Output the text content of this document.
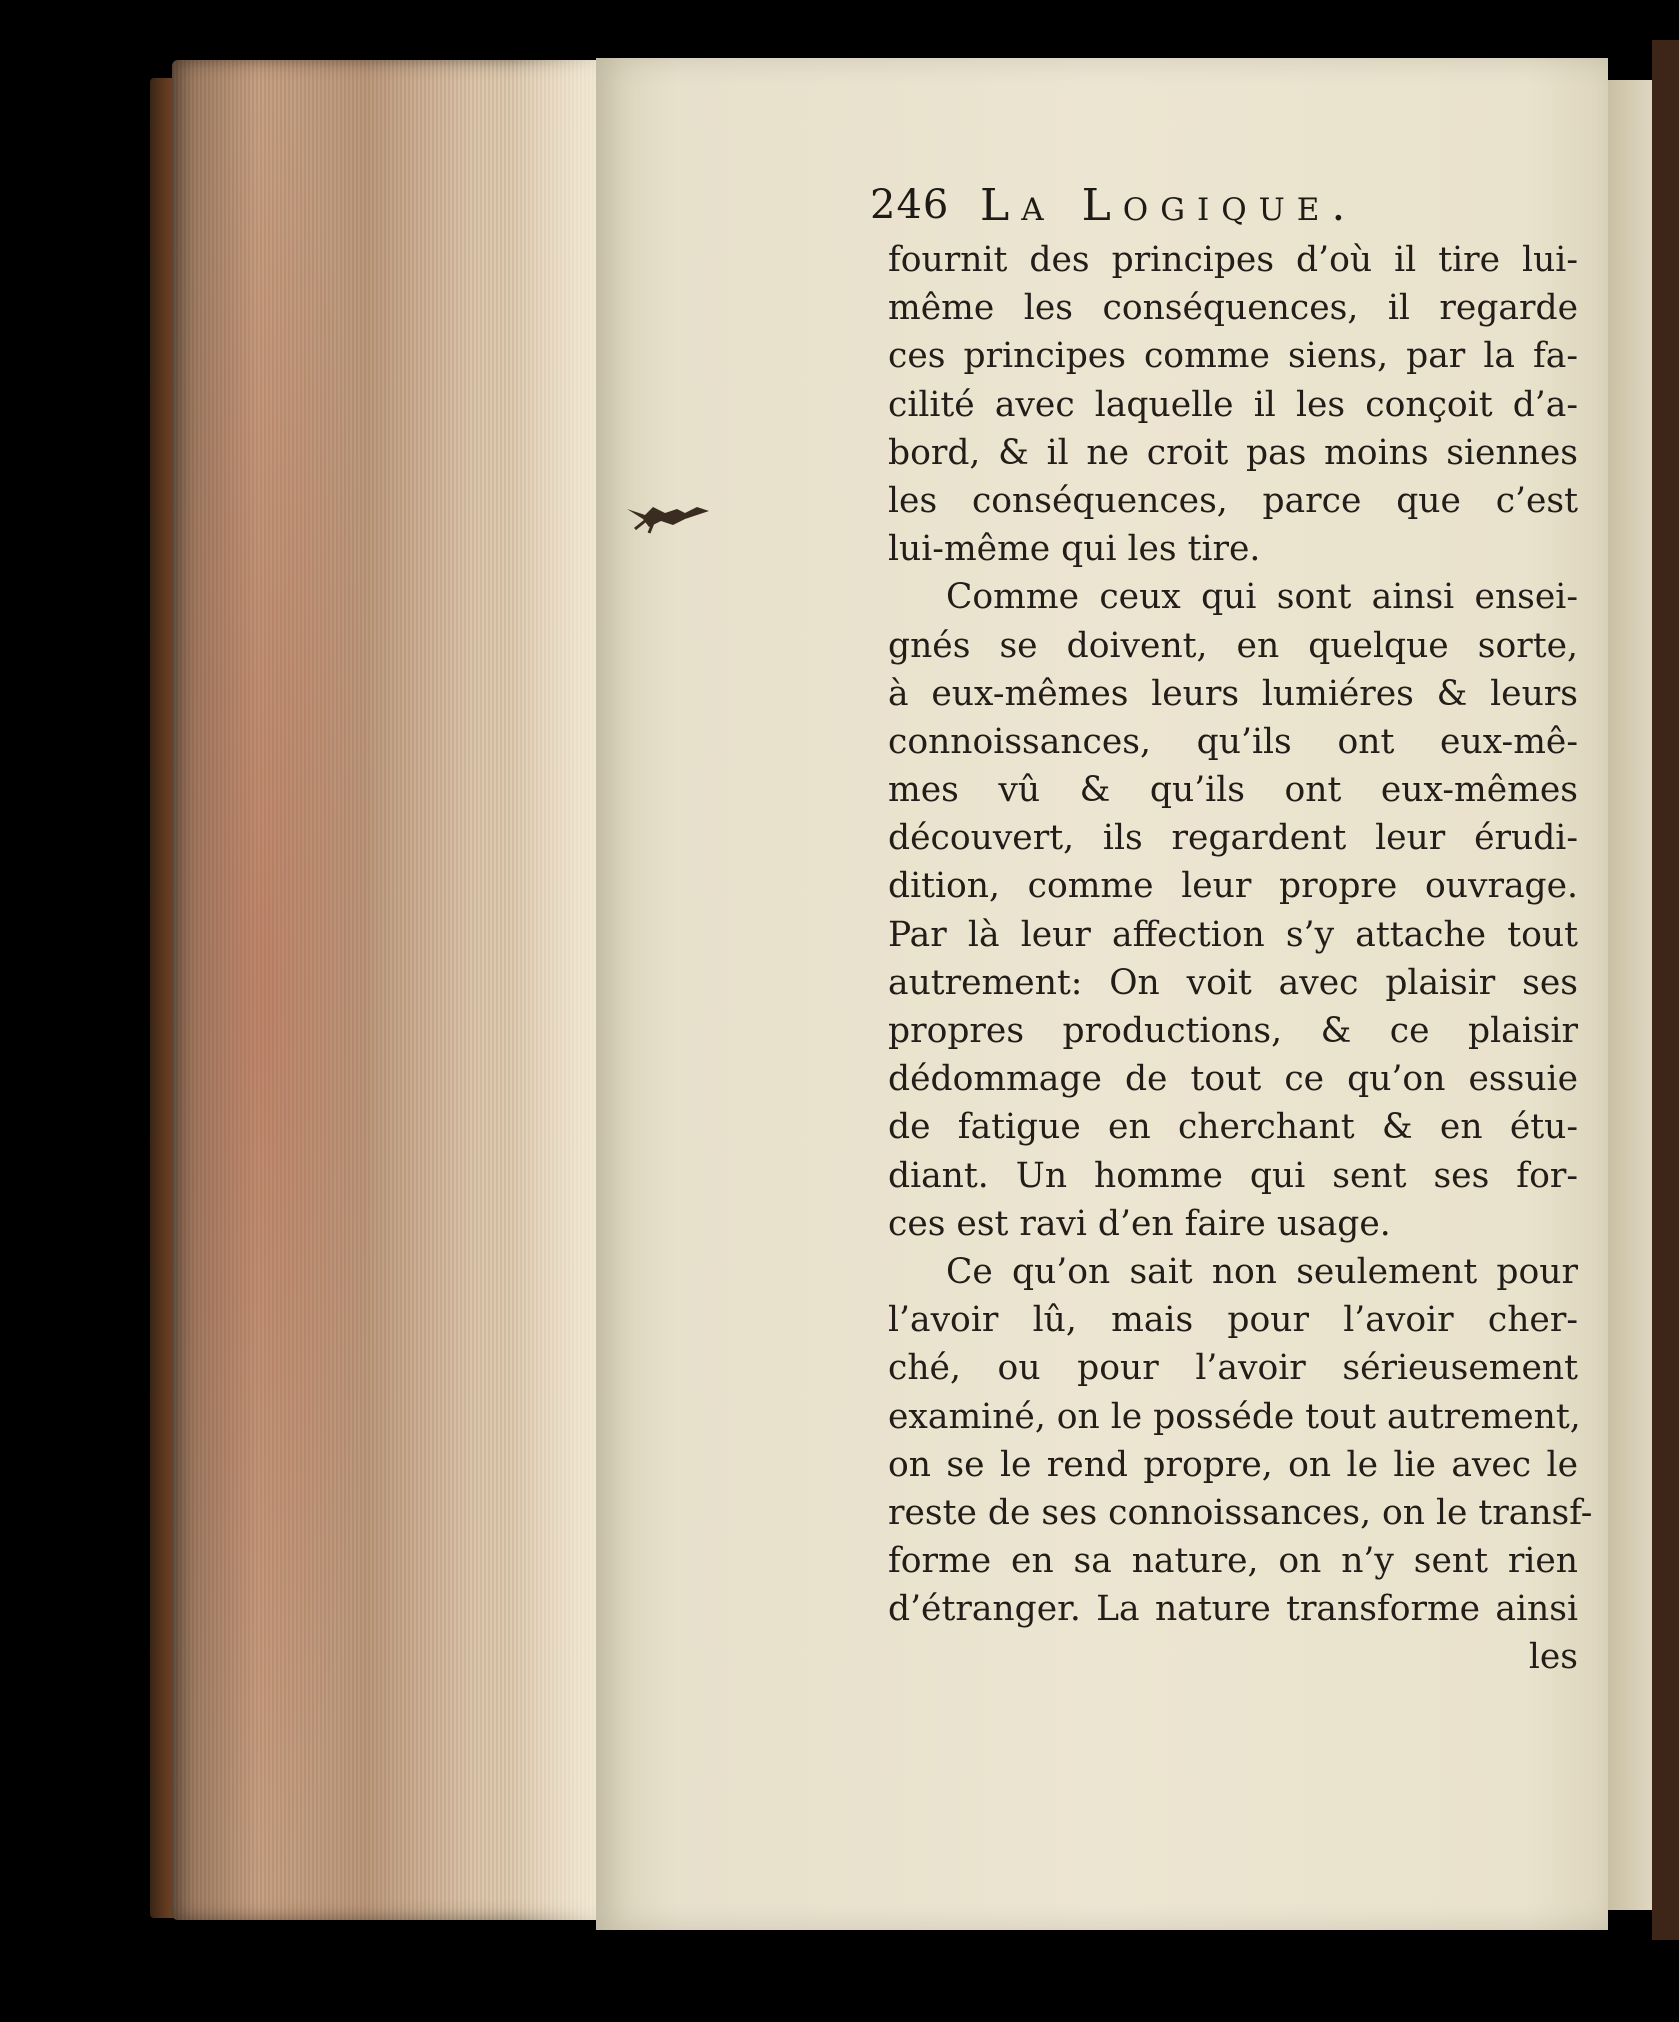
246 La Logique.
fournit des principes d’où il tire lui-
même les conséquences, il regarde
ces principes comme siens, par la fa-
cilité avec laquelle il les conçoit d’a-
bord, & il ne croit pas moins siennes
les conséquences, parce que c’est
lui-même qui les tire.
Comme ceux qui sont ainsi ensei-
gnés se doivent, en quelque sorte,
à eux-mêmes leurs lumiéres & leurs
connoissances, qu’ils ont eux-mê-
mes vû & qu’ils ont eux-mêmes
découvert, ils regardent leur érudi-
dition, comme leur propre ouvrage.
Par là leur affection s’y attache tout
autrement: On voit avec plaisir ses
propres productions, & ce plaisir
dédommage de tout ce qu’on essuie
de fatigue en cherchant & en étu-
diant. Un homme qui sent ses for-
ces est ravi d’en faire usage.
Ce qu’on sait non seulement pour
l’avoir lû, mais pour l’avoir cher-
ché, ou pour l’avoir sérieusement
examiné, on le posséde tout autrement,
on se le rend propre, on le lie avec le
reste de ses connoissances, on le transf-
forme en sa nature, on n’y sent rien
d’étranger. La nature transforme ainsi
les
